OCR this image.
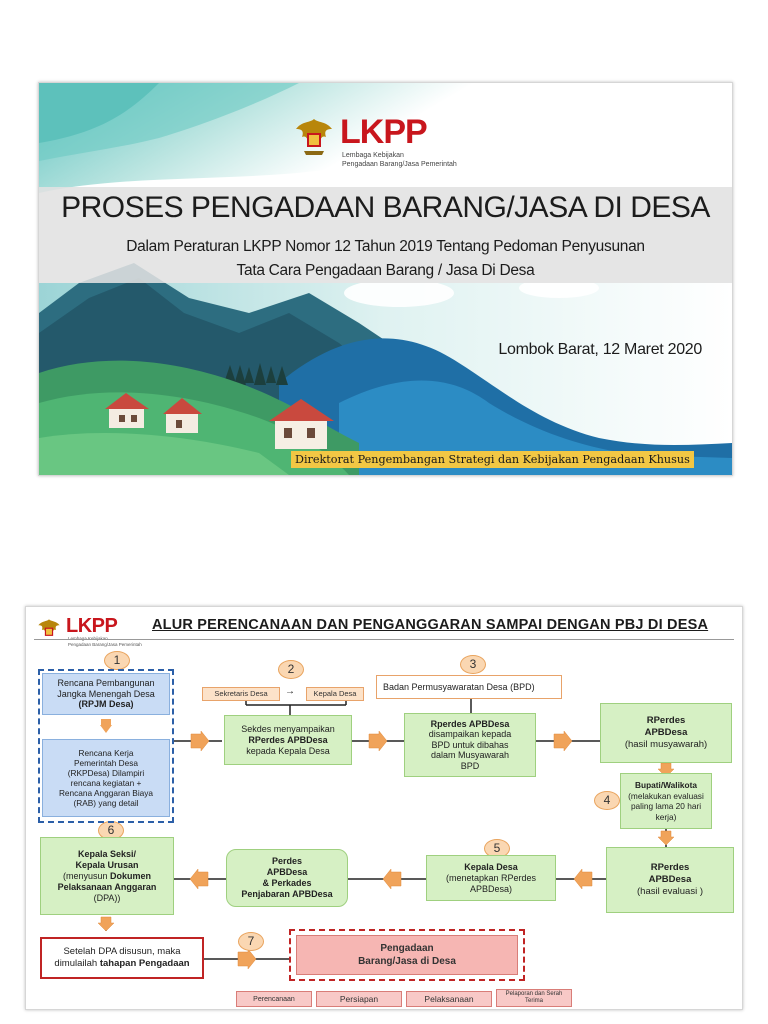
LKPP
Lembaga Kebijakan
Pengadaan Barang/Jasa Pemerintah
PROSES PENGADAAN BARANG/JASA DI DESA
Dalam Peraturan LKPP Nomor 12 Tahun 2019 Tentang Pedoman Penyusunan
Tata Cara Pengadaan Barang / Jasa Di Desa
Lombok Barat, 12 Maret 2020
Direktorat Pengembangan Strategi dan Kebijakan Pengadaan Khusus
LKPP
Pengadaan Barang/Jasa Pemerintah
ALUR PERENCANAAN DAN PENGANGGARAN SAMPAI DENGAN PBJ DI DESA
1
2	3
4
5
6
7
Rencana Pembangunan
Jangka Menengah Desa
(RPJM Desa)
Rencana Kerja
Pemerintah Desa
(RKPDesa) Dilampiri
rencana kegiatan +
Rencana Anggaran Biaya
(RAB) yang detail
Sekretaris Desa	→	Kepala Desa
Sekdes menyampaikan
RPerdes APBDesa
kepada Kepala Desa
Badan Permusyawaratan Desa (BPD)
Rperdes APBDesa
disampaikan kepada
BPD untuk dibahas
dalam Musyawarah
BPD
RPerdes
APBDesa
(hasil musyawarah)
Bupati/Walikota
(melakukan evaluasi
paling lama 20 hari
kerja)
RPerdes
APBDesa
(hasil evaluasi )
Kepala Desa
(menetapkan RPerdes
APBDesa)
Perdes
APBDesa
& Perkades
Penjabaran APBDesa
Kepala Seksi/
Kepala Urusan
(menyusun Dokumen
Pelaksanaan Anggaran
(DPA))
Setelah DPA disusun, maka
dimulailah tahapan Pengadaan
Pengadaan
Barang/Jasa di Desa
Perencanaan	Persiapan	Pelaksanaan	Pelaporan dan Serah Terima
